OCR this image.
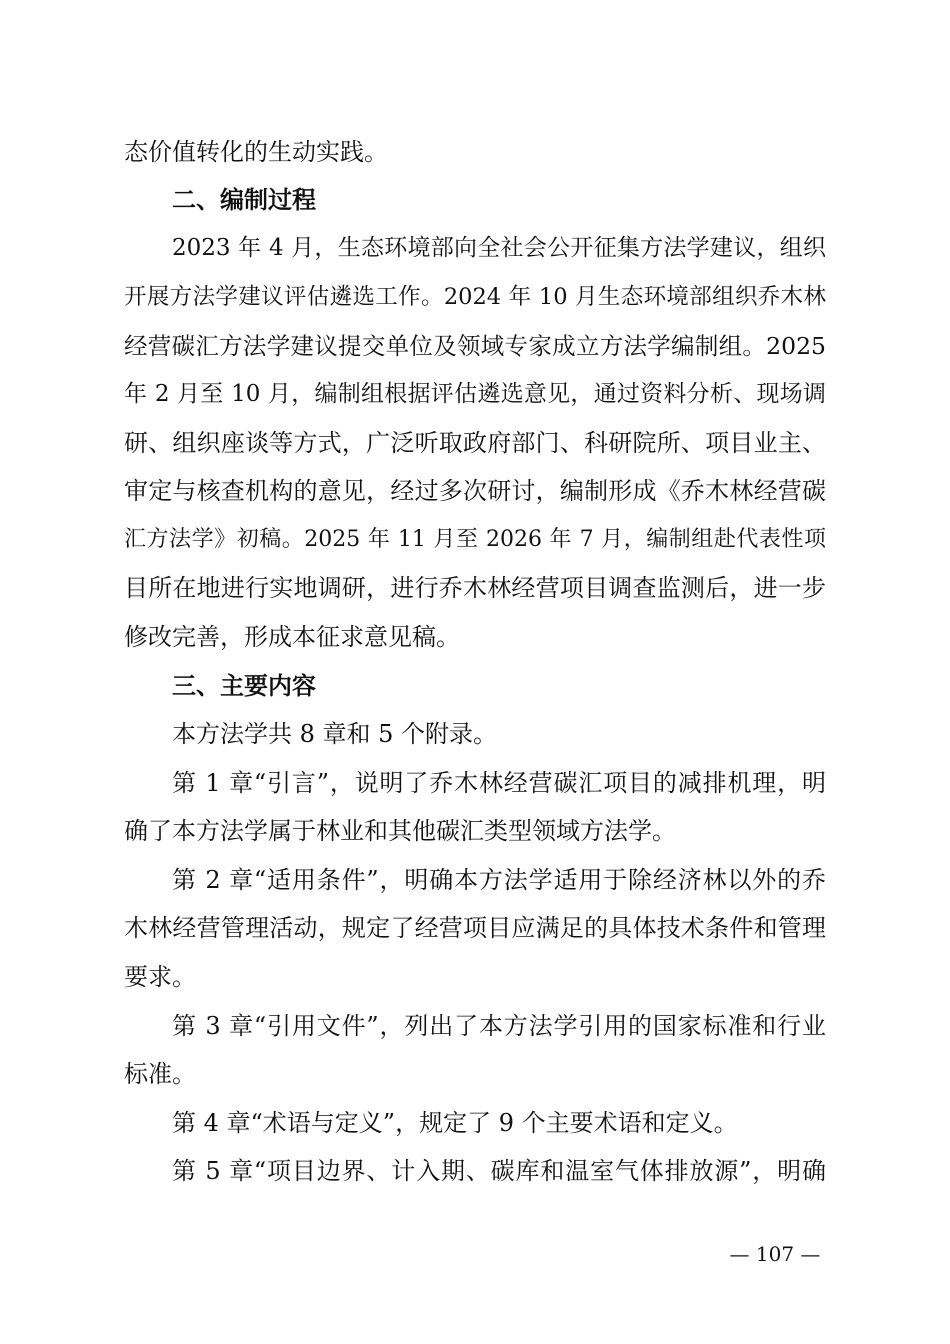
态价值转化的生动实践。
二、编制过程
2023 年 4 月，生态环境部向全社会公开征集方法学建议，组织
开展方法学建议评估遴选工作。2024 年 10 月生态环境部组织乔木林
经营碳汇方法学建议提交单位及领域专家成立方法学编制组。2025
年 2 月至 10 月，编制组根据评估遴选意见，通过资料分析、现场调
研、组织座谈等方式，广泛听取政府部门、科研院所、项目业主、
审定与核查机构的意见，经过多次研讨，编制形成《乔木林经营碳
汇方法学》初稿。2025 年 11 月至 2026 年 7 月，编制组赴代表性项
目所在地进行实地调研，进行乔木林经营项目调查监测后，进一步
修改完善，形成本征求意见稿。
三、主要内容
本方法学共 8 章和 5 个附录。
第 1 章“引言”，说明了乔木林经营碳汇项目的减排机理，明
确了本方法学属于林业和其他碳汇类型领域方法学。
第 2 章“适用条件”，明确本方法学适用于除经济林以外的乔
木林经营管理活动，规定了经营项目应满足的具体技术条件和管理
要求。
第 3 章“引用文件”，列出了本方法学引用的国家标准和行业
标准。
第 4 章“术语与定义”，规定了 9 个主要术语和定义。
第 5 章“项目边界、计入期、碳库和温室气体排放源”，明确
— 107 —
